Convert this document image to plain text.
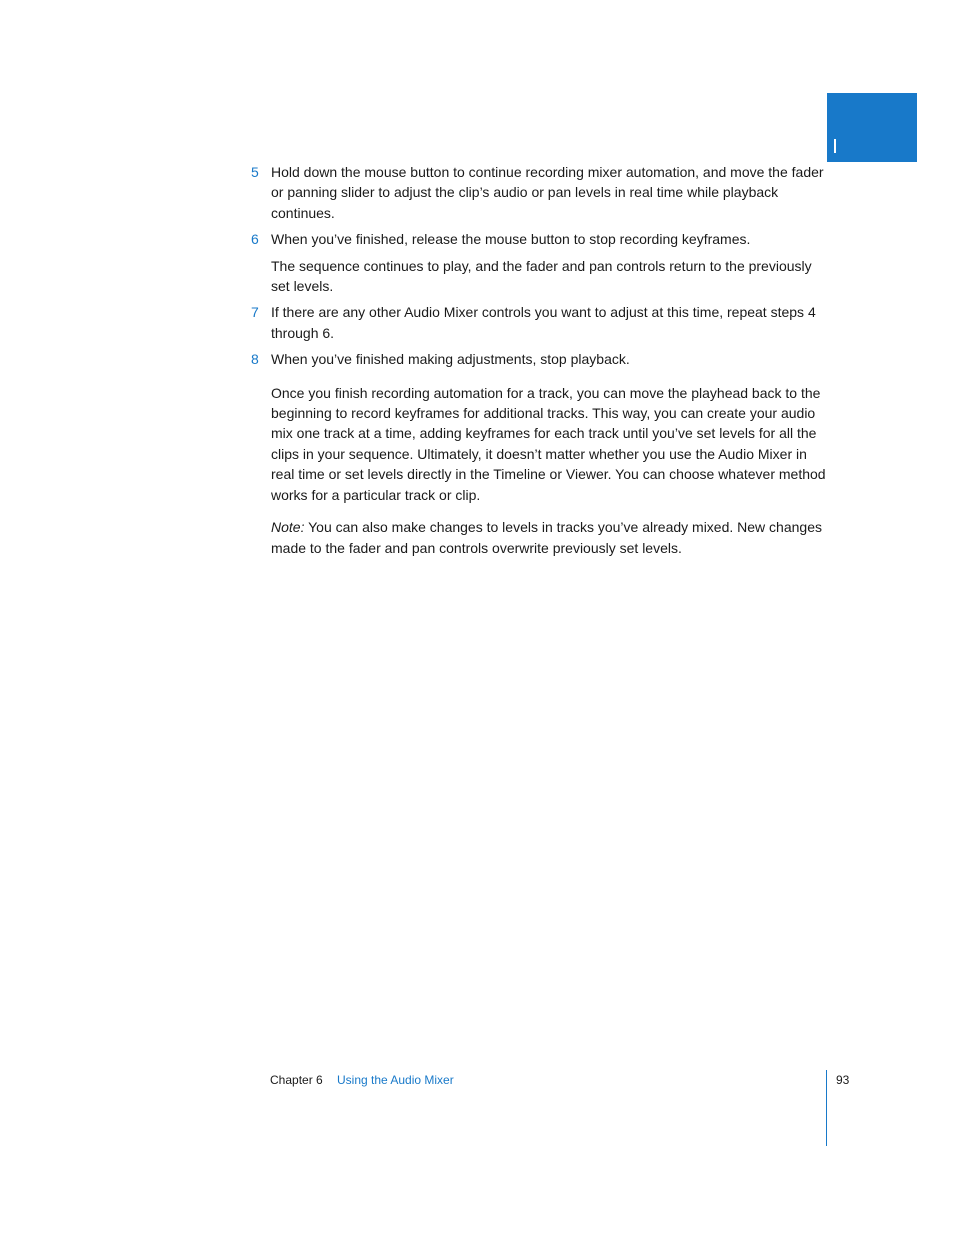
5 Hold down the mouse button to continue recording mixer automation, and move the fader or panning slider to adjust the clip’s audio or pan levels in real time while playback continues.
6 When you’ve finished, release the mouse button to stop recording keyframes.
The sequence continues to play, and the fader and pan controls return to the previously set levels.
7 If there are any other Audio Mixer controls you want to adjust at this time, repeat steps 4 through 6.
8 When you’ve finished making adjustments, stop playback.
Once you finish recording automation for a track, you can move the playhead back to the beginning to record keyframes for additional tracks. This way, you can create your audio mix one track at a time, adding keyframes for each track until you’ve set levels for all the clips in your sequence. Ultimately, it doesn’t matter whether you use the Audio Mixer in real time or set levels directly in the Timeline or Viewer. You can choose whatever method works for a particular track or clip.
Note: You can also make changes to levels in tracks you’ve already mixed. New changes made to the fader and pan controls overwrite previously set levels.
Chapter 6 Using the Audio Mixer	93
